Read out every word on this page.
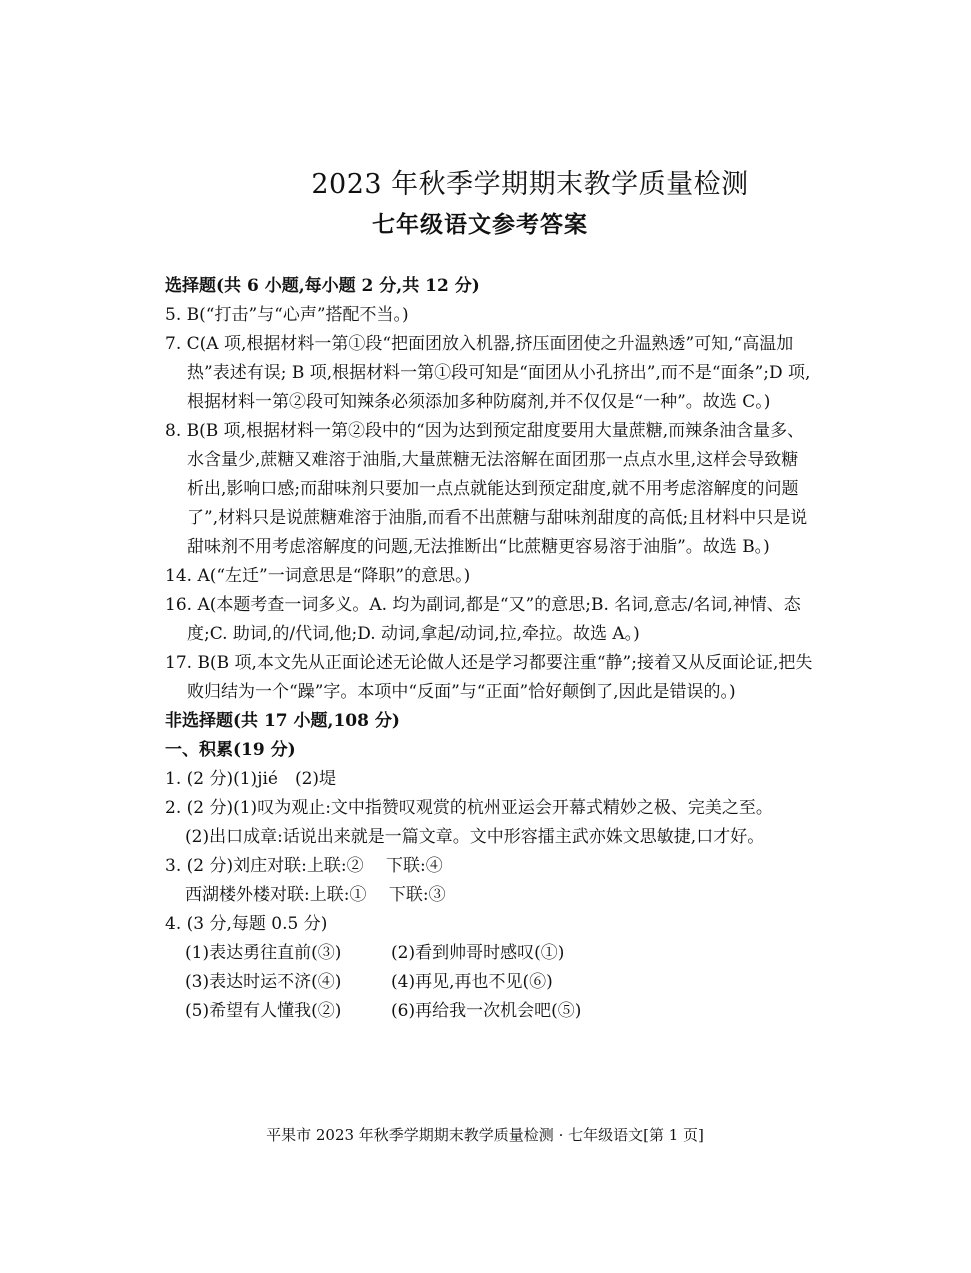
2023 年秋季学期期末教学质量检测
七年级语文参考答案
选择题(共 6 小题,每小题 2 分,共 12 分)
5. B(“打击”与“心声”搭配不当。)
7. C(A 项,根据材料一第①段“把面团放入机器,挤压面团使之升温熟透”可知,“高温加热”表述有误; B 项,根据材料一第①段可知是“面团从小孔挤出”,而不是“面条”;D 项,根据材料一第②段可知辣条必须添加多种防腐剂,并不仅仅是“一种”。故选 C。)
8. B(B 项,根据材料一第②段中的“因为达到预定甜度要用大量蔗糖,而辣条油含量多、水含量少,蔗糖又难溶于油脂,大量蔗糖无法溶解在面团那一点点水里,这样会导致糖析出,影响口感;而甜味剂只要加一点点就能达到预定甜度,就不用考虑溶解度的问题了”,材料只是说蔗糖难溶于油脂,而看不出蔗糖与甜味剂甜度的高低;且材料中只是说甜味剂不用考虑溶解度的问题,无法推断出“比蔗糖更容易溶于油脂”。故选 B。)
14. A(“左迁”一词意思是“降职”的意思。)
16. A(本题考查一词多义。A. 均为副词,都是“又”的意思;B. 名词,意志/名词,神情、态度;C. 助词,的/代词,他;D. 动词,拿起/动词,拉,牵拉。故选 A。)
17. B(B 项,本文先从正面论述无论做人还是学习都要注重“静”;接着又从反面论证,把失败归结为一个“躁”字。本项中“反面”与“正面”恰好颠倒了,因此是错误的。)
非选择题(共 17 小题,108 分)
一、积累(19 分)
1. (2 分)(1)jié　(2)堤
2. (2 分)(1)叹为观止:文中指赞叹观赏的杭州亚运会开幕式精妙之极、完美之至。
(2)出口成章:话说出来就是一篇文章。文中形容擂主武亦姝文思敏捷,口才好。
3. (2 分)刘庄对联:上联:②　 下联:④
西湖楼外楼对联:上联:①　 下联:③
4. (3 分,每题 0.5 分)
(1)表达勇往直前(③)	(2)看到帅哥时感叹(①)
(3)表达时运不济(④)	(4)再见,再也不见(⑥)
(5)希望有人懂我(②)	(6)再给我一次机会吧(⑤)
平果市 2023 年秋季学期期末教学质量检测 · 七年级语文[第 1 页]
